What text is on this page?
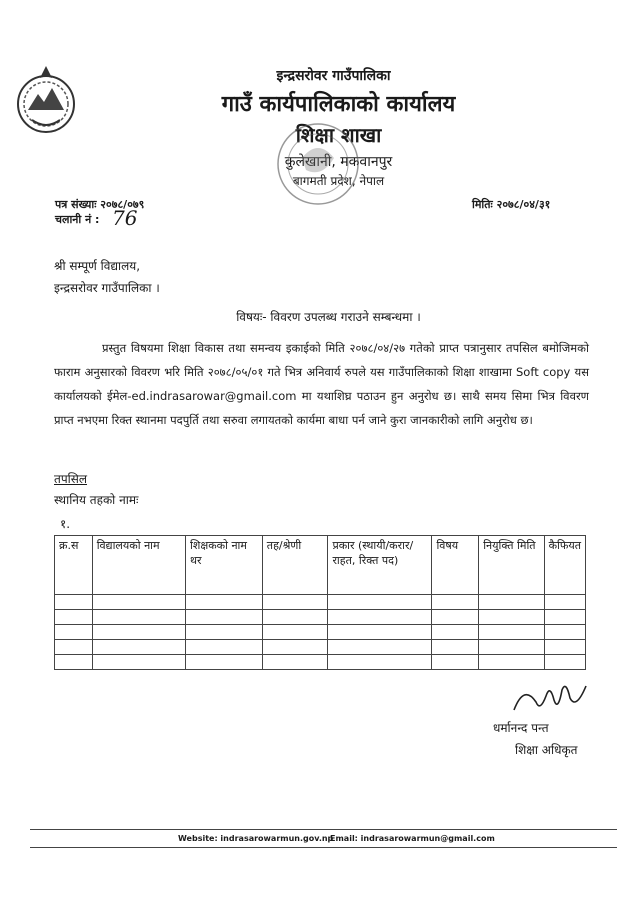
इन्द्रसरोवर गाउँपालिका
गाउँ कार्यपालिकाको कार्यालय
शिक्षा शाखा
कुलेखानी, मकवानपुर
बागमती प्रदेश, नेपाल
पत्र संख्याः २०७८/०७९
चलानी नं : 76
मितिः २०७८/०४/३१
श्री सम्पूर्ण विद्यालय,
इन्द्रसरोवर गाउँपालिका ।
विषयः- विवरण उपलब्ध गराउने सम्बन्धमा ।
प्रस्तुत विषयमा शिक्षा विकास तथा समन्वय इकाईको मिति २०७८/०४/२७ गतेको प्राप्त पत्रानुसार तपसिल बमोजिमको फाराम अनुसारको विवरण भरि मिति २०७८/०५/०१ गते भित्र अनिवार्य रुपले यस गाउँपालिकाको शिक्षा शाखामा Soft copy यस कार्यालयको ईमेल-ed.indrasarowar@gmail.com मा यथाशिघ्र पठाउन हुन अनुरोध छ। साथै समय सिमा भित्र विवरण प्राप्त नभएमा रिक्त स्थानमा पदपुर्ति तथा सरुवा लगायतको कार्यमा बाधा पर्न जाने कुरा जानकारीको लागि अनुरोध छ।
तपसिल
स्थानिय तहको नामः
१.
क्र.स	विद्यालयको नाम	शिक्षकको नाम थर	तह/श्रेणी	प्रकार (स्थायी/करार/राहत, रिक्त पद)	विषय	नियुक्ति मिति	कैफियत

धर्मानन्द पन्त
शिक्षा अधिकृत
Website: indrasarowarmun.gov.np
Email: indrasarowarmun@gmail.com
